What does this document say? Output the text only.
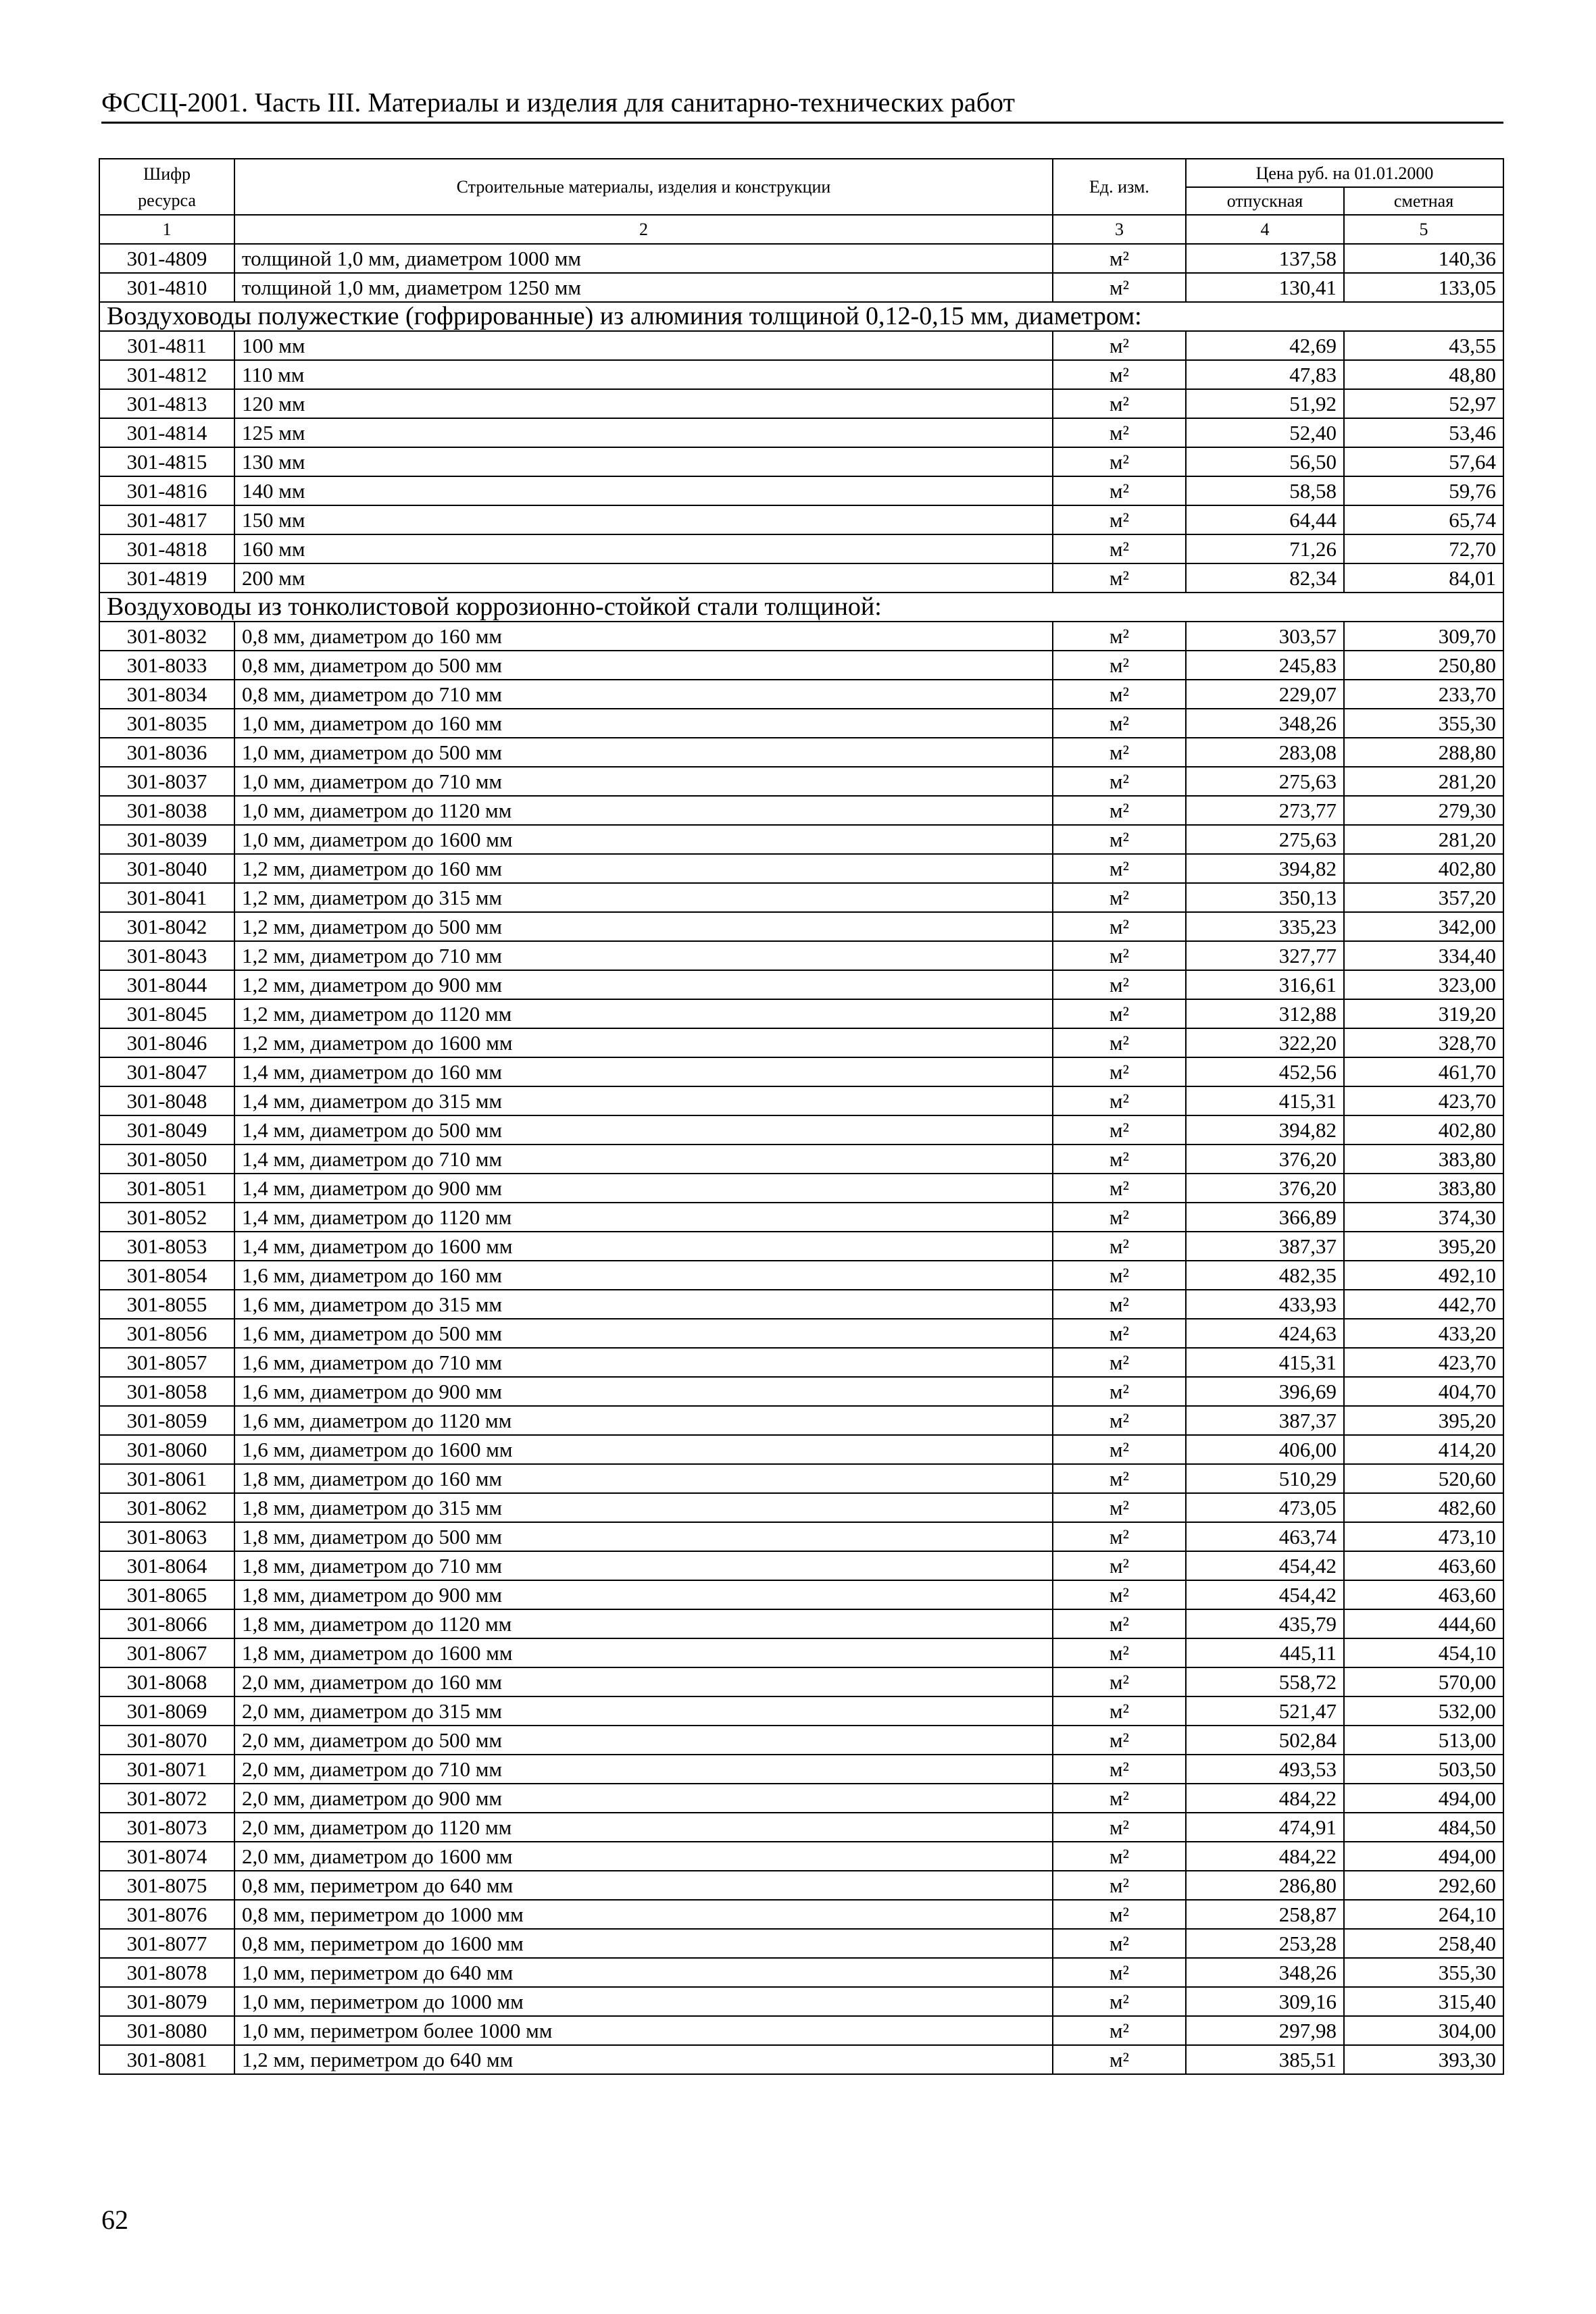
ФССЦ-2001. Часть III. Материалы и изделия для санитарно-технических работ
Шифр ресурса	Строительные материалы, изделия и конструкции	Ед. изм.	Цена руб. на 01.01.2000	
			отпускная	сметная
1	2	3	4	5
301-4809	толщиной 1,0 мм, диаметром 1000 мм	м²	137,58	140,36
301-4810	толщиной 1,0 мм, диаметром 1250 мм	м²	130,41	133,05
Воздуховоды полужесткие (гофрированные) из алюминия толщиной 0,12-0,15 мм, диаметром:				
301-4811	100 мм	м²	42,69	43,55
301-4812	110 мм	м²	47,83	48,80
301-4813	120 мм	м²	51,92	52,97
301-4814	125 мм	м²	52,40	53,46
301-4815	130 мм	м²	56,50	57,64
301-4816	140 мм	м²	58,58	59,76
301-4817	150 мм	м²	64,44	65,74
301-4818	160 мм	м²	71,26	72,70
301-4819	200 мм	м²	82,34	84,01
Воздуховоды из тонколистовой коррозионно-стойкой стали толщиной:				
301-8032	0,8 мм, диаметром до 160 мм	м²	303,57	309,70
301-8033	0,8 мм, диаметром до 500 мм	м²	245,83	250,80
301-8034	0,8 мм, диаметром до 710 мм	м²	229,07	233,70
301-8035	1,0 мм, диаметром до 160 мм	м²	348,26	355,30
301-8036	1,0 мм, диаметром до 500 мм	м²	283,08	288,80
301-8037	1,0 мм, диаметром до 710 мм	м²	275,63	281,20
301-8038	1,0 мм, диаметром до 1120 мм	м²	273,77	279,30
301-8039	1,0 мм, диаметром до 1600 мм	м²	275,63	281,20
301-8040	1,2 мм, диаметром до 160 мм	м²	394,82	402,80
301-8041	1,2 мм, диаметром до 315 мм	м²	350,13	357,20
301-8042	1,2 мм, диаметром до 500 мм	м²	335,23	342,00
301-8043	1,2 мм, диаметром до 710 мм	м²	327,77	334,40
301-8044	1,2 мм, диаметром до 900 мм	м²	316,61	323,00
301-8045	1,2 мм, диаметром до 1120 мм	м²	312,88	319,20
301-8046	1,2 мм, диаметром до 1600 мм	м²	322,20	328,70
301-8047	1,4 мм, диаметром до 160 мм	м²	452,56	461,70
301-8048	1,4 мм, диаметром до 315 мм	м²	415,31	423,70
301-8049	1,4 мм, диаметром до 500 мм	м²	394,82	402,80
301-8050	1,4 мм, диаметром до 710 мм	м²	376,20	383,80
301-8051	1,4 мм, диаметром до 900 мм	м²	376,20	383,80
301-8052	1,4 мм, диаметром до 1120 мм	м²	366,89	374,30
301-8053	1,4 мм, диаметром до 1600 мм	м²	387,37	395,20
301-8054	1,6 мм, диаметром до 160 мм	м²	482,35	492,10
301-8055	1,6 мм, диаметром до 315 мм	м²	433,93	442,70
301-8056	1,6 мм, диаметром до 500 мм	м²	424,63	433,20
301-8057	1,6 мм, диаметром до 710 мм	м²	415,31	423,70
301-8058	1,6 мм, диаметром до 900 мм	м²	396,69	404,70
301-8059	1,6 мм, диаметром до 1120 мм	м²	387,37	395,20
301-8060	1,6 мм, диаметром до 1600 мм	м²	406,00	414,20
301-8061	1,8 мм, диаметром до 160 мм	м²	510,29	520,60
301-8062	1,8 мм, диаметром до 315 мм	м²	473,05	482,60
301-8063	1,8 мм, диаметром до 500 мм	м²	463,74	473,10
301-8064	1,8 мм, диаметром до 710 мм	м²	454,42	463,60
301-8065	1,8 мм, диаметром до 900 мм	м²	454,42	463,60
301-8066	1,8 мм, диаметром до 1120 мм	м²	435,79	444,60
301-8067	1,8 мм, диаметром до 1600 мм	м²	445,11	454,10
301-8068	2,0 мм, диаметром до 160 мм	м²	558,72	570,00
301-8069	2,0 мм, диаметром до 315 мм	м²	521,47	532,00
301-8070	2,0 мм, диаметром до 500 мм	м²	502,84	513,00
301-8071	2,0 мм, диаметром до 710 мм	м²	493,53	503,50
301-8072	2,0 мм, диаметром до 900 мм	м²	484,22	494,00
301-8073	2,0 мм, диаметром до 1120 мм	м²	474,91	484,50
301-8074	2,0 мм, диаметром до 1600 мм	м²	484,22	494,00
301-8075	0,8 мм, периметром до 640 мм	м²	286,80	292,60
301-8076	0,8 мм, периметром до 1000 мм	м²	258,87	264,10
301-8077	0,8 мм, периметром до 1600 мм	м²	253,28	258,40
301-8078	1,0 мм, периметром до 640 мм	м²	348,26	355,30
301-8079	1,0 мм, периметром до 1000 мм	м²	309,16	315,40
301-8080	1,0 мм, периметром более 1000 мм	м²	297,98	304,00
301-8081	1,2 мм, периметром до 640 мм	м²	385,51	393,30
62
